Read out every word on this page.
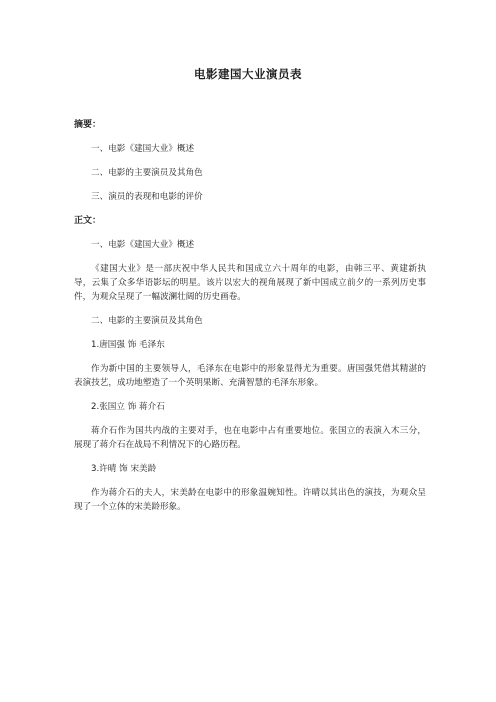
电影建国大业演员表

摘要：

一、电影《建国大业》概述

二、电影的主要演员及其角色

三、演员的表现和电影的评价

正文：

一、电影《建国大业》概述

《建国大业》是一部庆祝中华人民共和国成立六十周年的电影，由韩三平、黄建新执导，云集了众多华语影坛的明星。该片以宏大的视角展现了新中国成立前夕的一系列历史事件，为观众呈现了一幅波澜壮阔的历史画卷。

二、电影的主要演员及其角色

1.唐国强 饰 毛泽东

作为新中国的主要领导人，毛泽东在电影中的形象显得尤为重要。唐国强凭借其精湛的表演技艺，成功地塑造了一个英明果断、充满智慧的毛泽东形象。

2.张国立 饰 蒋介石

蒋介石作为国共内战的主要对手，也在电影中占有重要地位。张国立的表演入木三分，展现了蒋介石在战局不利情况下的心路历程。

3.许晴 饰 宋美龄

作为蒋介石的夫人，宋美龄在电影中的形象温婉知性。许晴以其出色的演技，为观众呈现了一个立体的宋美龄形象。
